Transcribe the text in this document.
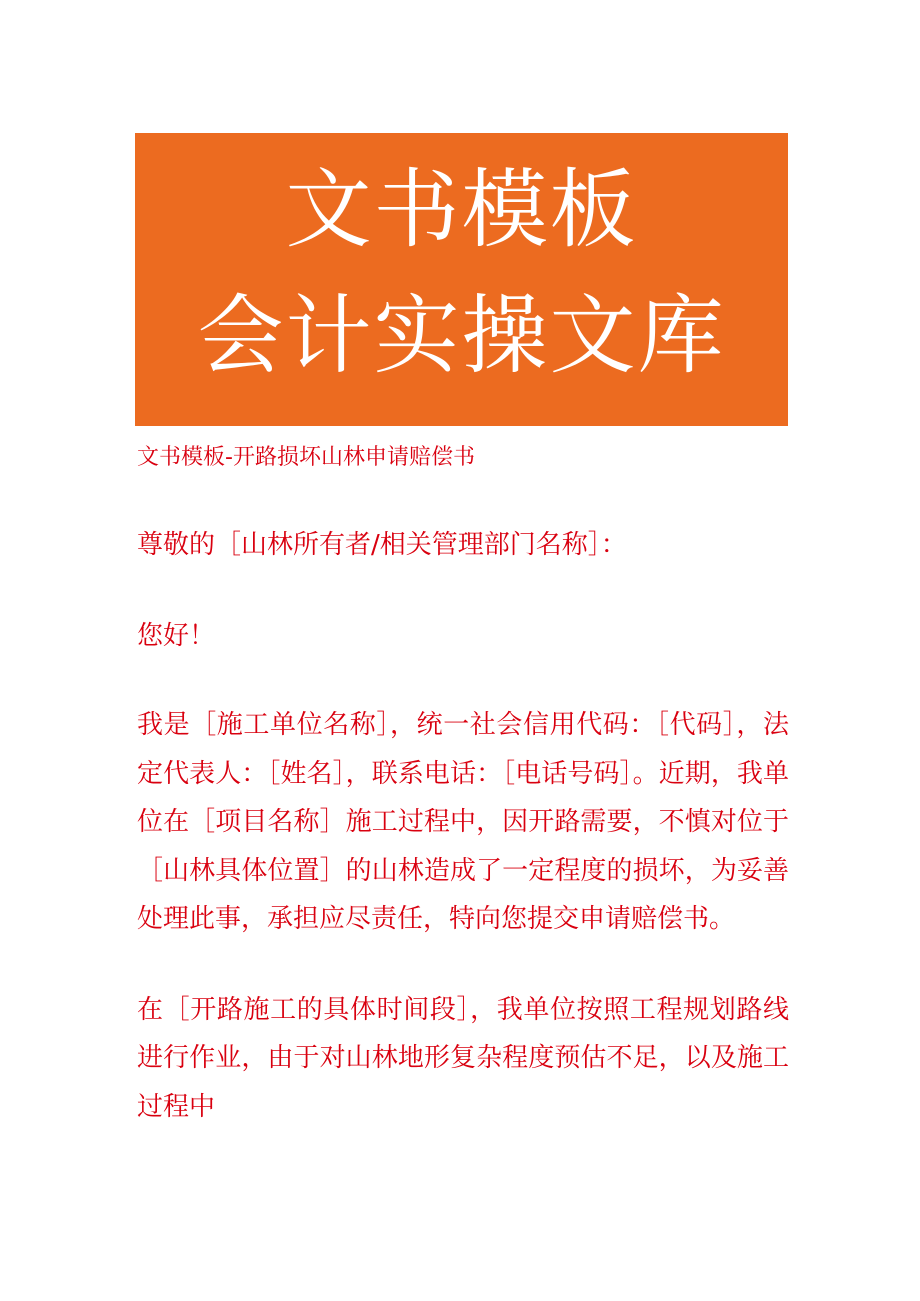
文书模板
会计实操文库

文书模板-开路损坏山林申请赔偿书

尊敬的［山林所有者/相关管理部门名称］：

您好！

我是［施工单位名称］，统一社会信用代码：［代码］，法定代表人：［姓名］，联系电话：［电话号码］。近期，我单位在［项目名称］施工过程中，因开路需要，不慎对位于［山林具体位置］的山林造成了一定程度的损坏，为妥善处理此事，承担应尽责任，特向您提交申请赔偿书。

在［开路施工的具体时间段］，我单位按照工程规划路线进行作业，由于对山林地形复杂程度预估不足，以及施工过程中
